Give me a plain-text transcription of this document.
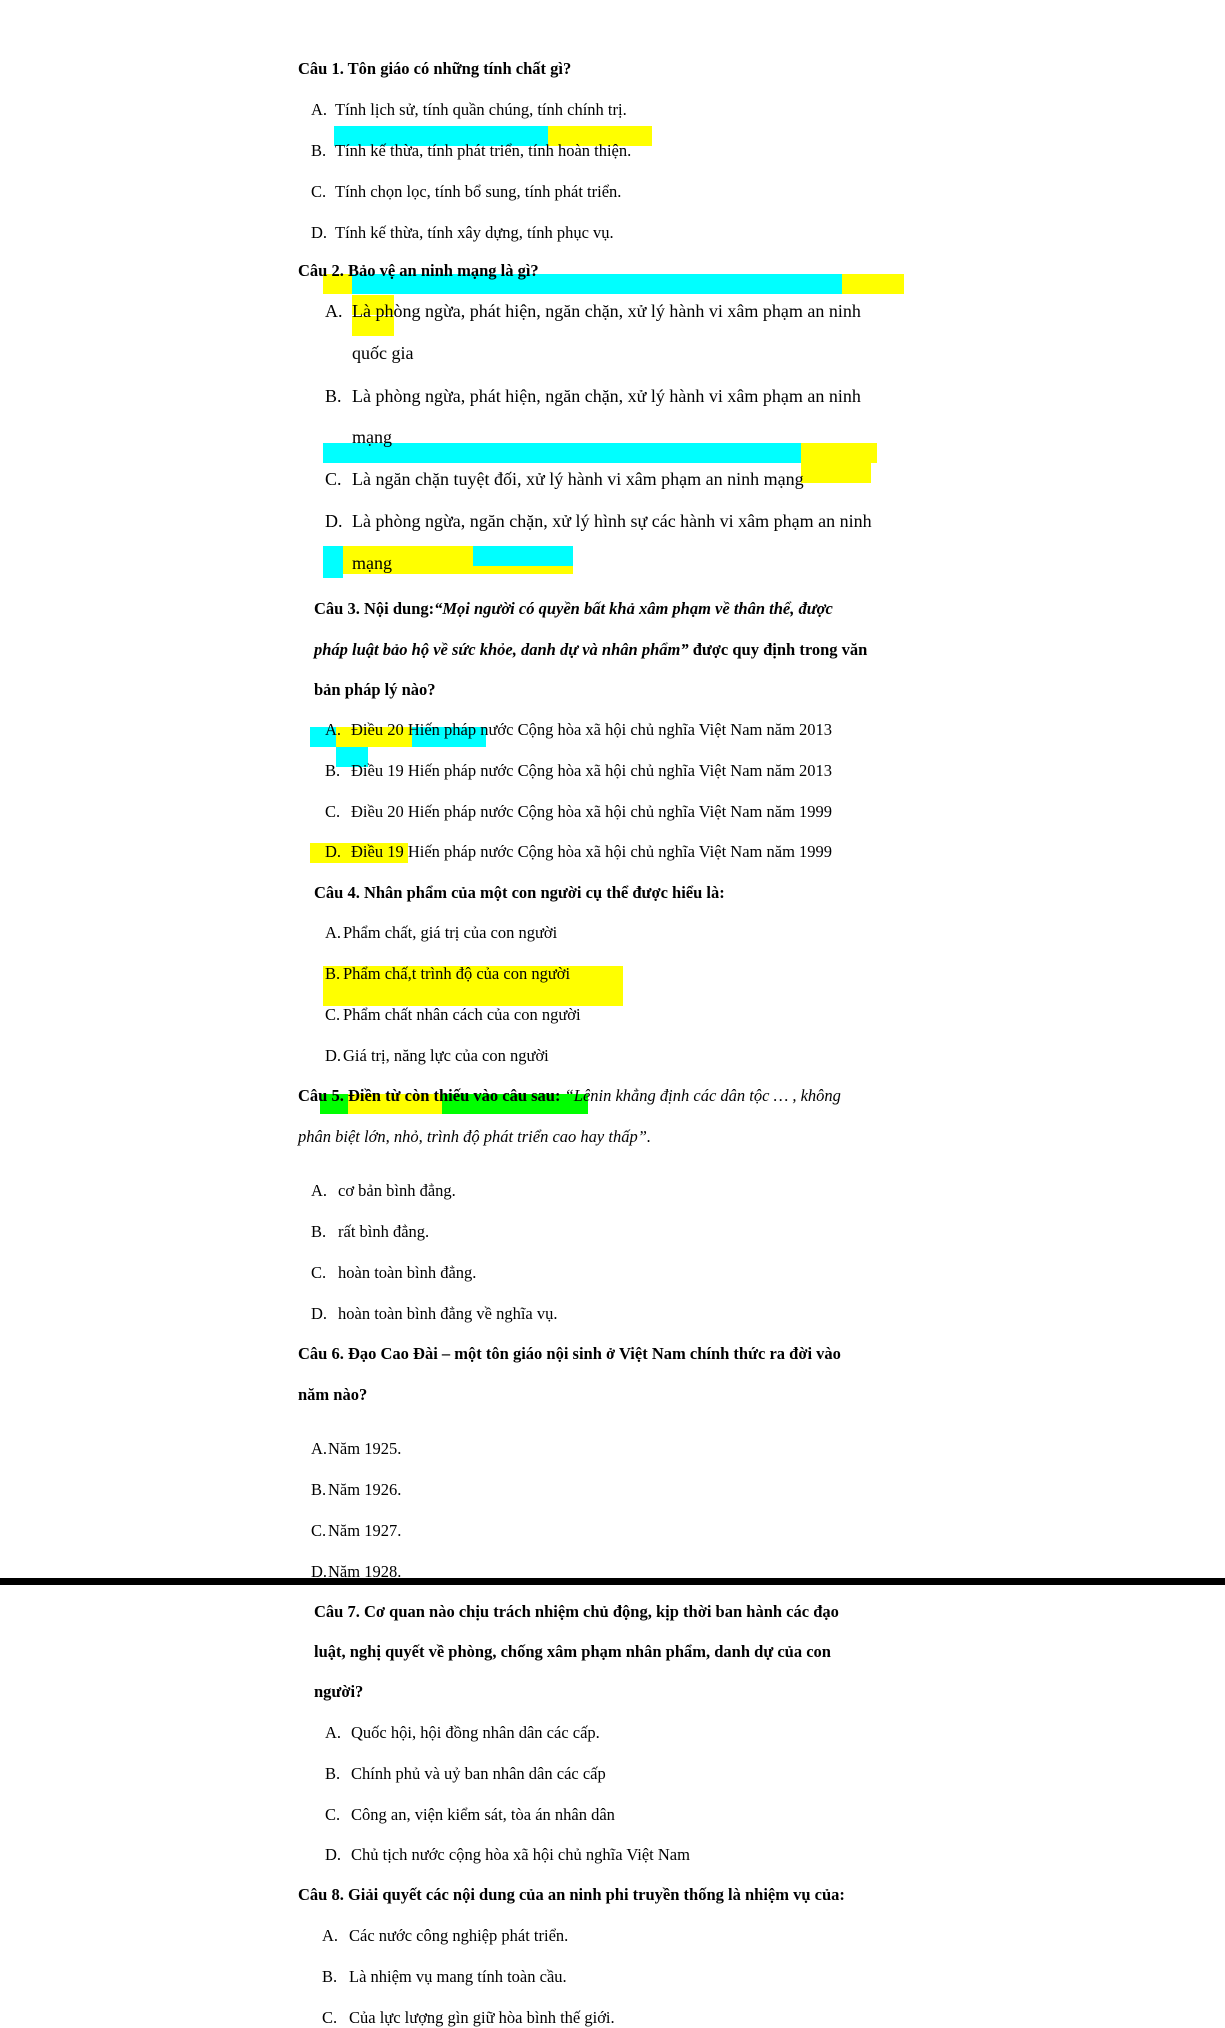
Câu 1. Tôn giáo có những tính chất gì?
A. Tính lịch sử, tính quần chúng, tính chính trị.
B. Tính kế thừa, tính phát triển, tính hoàn thiện.
C. Tính chọn lọc, tính bổ sung, tính phát triển.
D. Tính kế thừa, tính xây dựng, tính phục vụ.
Câu 2. Bảo vệ an ninh mạng là gì?
A. Là phòng ngừa, phát hiện, ngăn chặn, xử lý hành vi xâm phạm an ninh
quốc gia
B. Là phòng ngừa, phát hiện, ngăn chặn, xử lý hành vi xâm phạm an ninh
mạng
C. Là ngăn chặn tuyệt đối, xử lý hành vi xâm phạm an ninh mạng
D. Là phòng ngừa, ngăn chặn, xử lý hình sự các hành vi xâm phạm an ninh
mạng
Câu 3. Nội dung:“Mọi người có quyền bất khả xâm phạm về thân thể, được
pháp luật bảo hộ về sức khỏe, danh dự và nhân phẩm” được quy định trong văn
bản pháp lý nào?
A. Điều 20 Hiến pháp nước Cộng hòa xã hội chủ nghĩa Việt Nam năm 2013
B. Điều 19 Hiến pháp nước Cộng hòa xã hội chủ nghĩa Việt Nam năm 2013
C. Điều 20 Hiến pháp nước Cộng hòa xã hội chủ nghĩa Việt Nam năm 1999
D. Điều 19 Hiến pháp nước Cộng hòa xã hội chủ nghĩa Việt Nam năm 1999
Câu 4. Nhân phẩm của một con người cụ thể được hiểu là:
A. Phẩm chất, giá trị của con người
B. Phẩm chấ,t trình độ của con người
C. Phẩm chất nhân cách của con người
D. Giá trị, năng lực của con người
Câu 5. Điền từ còn thiếu vào câu sau: “Lênin khẳng định các dân tộc … , không
phân biệt lớn, nhỏ, trình độ phát triển cao hay thấp”.
A. cơ bản bình đẳng.
B. rất bình đẳng.
C. hoàn toàn bình đẳng.
D. hoàn toàn bình đẳng về nghĩa vụ.
Câu 6. Đạo Cao Đài – một tôn giáo nội sinh ở Việt Nam chính thức ra đời vào
năm nào?
A.Năm 1925.
B. Năm 1926.
C. Năm 1927.
D.Năm 1928.
Câu 7. Cơ quan nào chịu trách nhiệm chủ động, kịp thời ban hành các đạo
luật, nghị quyết về phòng, chống xâm phạm nhân phẩm, danh dự của con
người?
A. Quốc hội, hội đồng nhân dân các cấp.
B. Chính phủ và uỷ ban nhân dân các cấp
C. Công an, viện kiểm sát, tòa án nhân dân
D. Chủ tịch nước cộng hòa xã hội chủ nghĩa Việt Nam
Câu 8. Giải quyết các nội dung của an ninh phi truyền thống là nhiệm vụ của:
A. Các nước công nghiệp phát triển.
B. Là nhiệm vụ mang tính toàn cầu.
C. Của lực lượng gìn giữ hòa bình thế giới.
